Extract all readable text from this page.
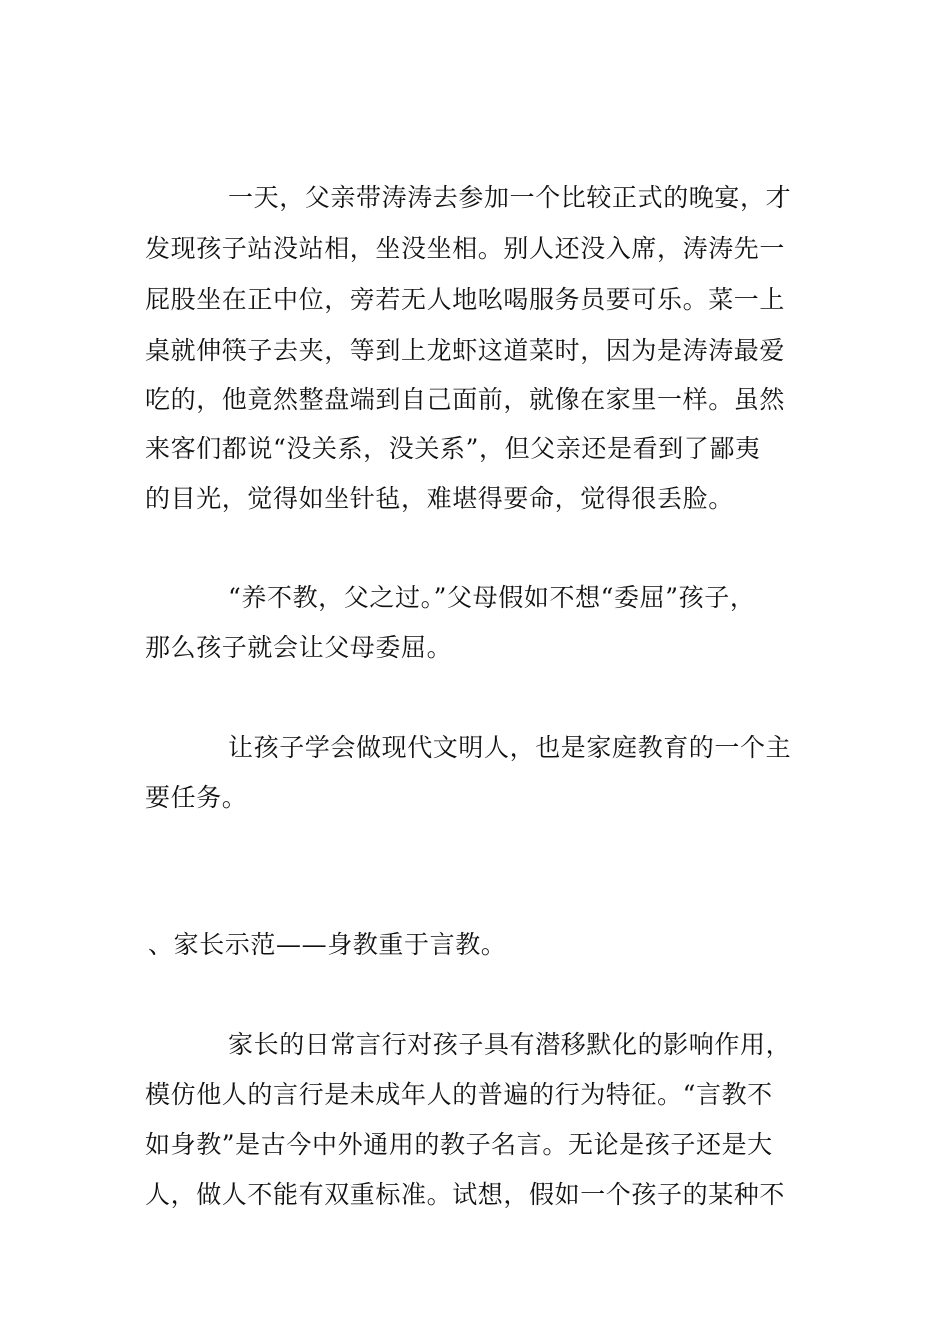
一天，父亲带涛涛去参加一个比较正式的晚宴，才
发现孩子站没站相，坐没坐相。别人还没入席，涛涛先一
屁股坐在正中位，旁若无人地吆喝服务员要可乐。菜一上
桌就伸筷子去夹，等到上龙虾这道菜时，因为是涛涛最爱
吃的，他竟然整盘端到自己面前，就像在家里一样。虽然
来客们都说“没关系，没关系”，但父亲还是看到了鄙夷
的目光，觉得如坐针毡，难堪得要命，觉得很丢脸。
“养不教，父之过。”父母假如不想“委屈”孩子，
那么孩子就会让父母委屈。
让孩子学会做现代文明人，也是家庭教育的一个主
要任务。
、家长示范——身教重于言教。
家长的日常言行对孩子具有潜移默化的影响作用，
模仿他人的言行是未成年人的普遍的行为特征。“言教不
如身教”是古今中外通用的教子名言。无论是孩子还是大
人，做人不能有双重标准。试想，假如一个孩子的某种不
